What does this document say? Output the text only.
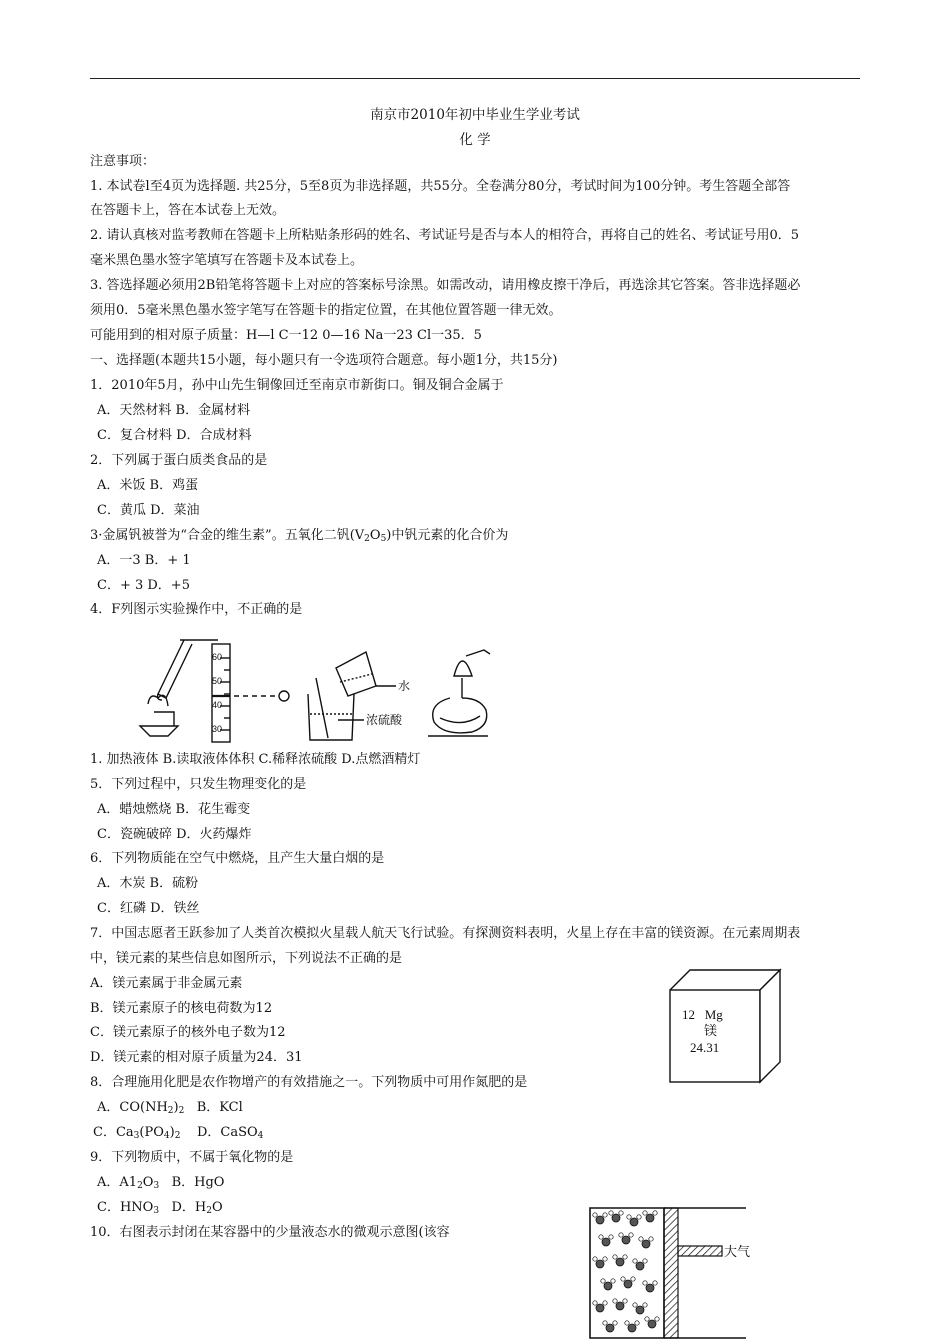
南京市2010年初中毕业生学业考试
化 学
注意事项：
1. 本试卷l至4页为选择题. 共25分，5至8页为非选择题，共55分。全卷满分80分，考试时间为100分钟。考生答题全部答
在答题卡上，答在本试卷上无效。
2. 请认真核对监考教师在答题卡上所粘贴条形码的姓名、考试证号是否与本人的相符合，再将自己的姓名、考试证号用0．5
毫米黑色墨水签字笔填写在答题卡及本试卷上。
3. 答选择题必须用2B铅笔将答题卡上对应的答案标号涂黑。如需改动，请用橡皮擦干净后，再选涂其它答案。答非选择题必
须用0．5毫米黑色墨水签字笔写在答题卡的指定位置，在其他位置答题一律无效。
可能用到的相对原子质量：H—l C一12 0—16 Na一23 Cl一35．5
一、选择题(本题共15小题，每小题只有一令选项符合题意。每小题1分，共15分)
1．2010年5月，孙中山先生铜像回迁至南京市新街口。铜及铜合金属于
A．天然材料 B．金属材料
C．复合材料 D．合成材料
2．下列属于蛋白质类食品的是
A．米饭 B．鸡蛋
C．黄瓜 D．菜油
3·金属钒被誉为“合金的维生素”。五氧化二钒$(V_2O_5)$中钒元素的化合价为
A．一3 B．+ 1
C．+ 3 D．+5
4．F列图示实验操作中，不正确的是
60
50
40
30
水
浓硫酸
1. 加热液体 B.读取液体体积 C.稀释浓硫酸 D.点燃酒精灯
5．下列过程中，只发生物理变化的是
A．蜡烛燃烧 B．花生霉变
C．瓷碗破碎 D．火药爆炸
6．下列物质能在空气中燃烧，且产生大量白烟的是
A．木炭 B．硫粉
C．红磷 D．铁丝
7．中国志愿者王跃参加了人类首次模拟火星载人航天飞行试验。有探测资料表明，火星上存在丰富的镁资源。在元素周期表
中，镁元素的某些信息如图所示，下列说法不正确的是
A．镁元素属于非金属元素
B．镁元素原子的核电荷数为12
C．镁元素原子的核外电子数为12
D．镁元素的相对原子质量为24．31
12 Mg
镁
24.31
8．合理施用化肥是农作物增产的有效措施之一。下列物质中可用作氮肥的是
A．$CO(NH_2)_2$   B．KCl
C．$Ca_3(PO_4)_2$    D．CaSO$_4$
9．下列物质中，不属于氧化物的是
A．$A1_2O_3$   B．HgO
C．$HNO_3$   D．$H_2O$
10．右图表示封闭在某容器中的少量液态水的微观示意图(该容
大气
